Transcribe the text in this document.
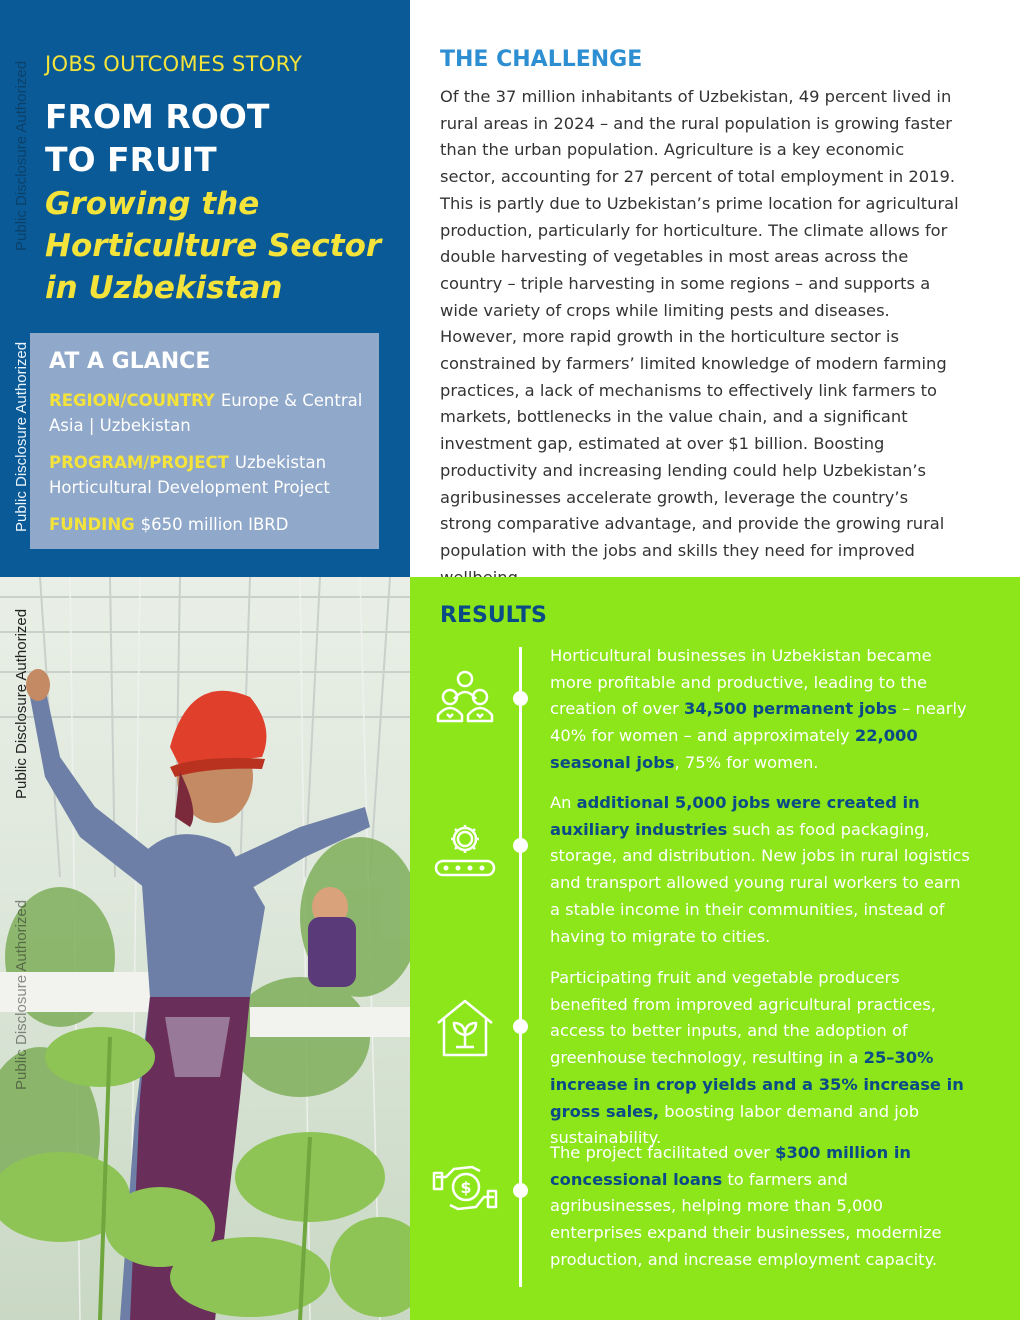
JOBS OUTCOMES STORY
FROM ROOT
TO FRUIT
Growing the
Horticulture Sector
in Uzbekistan
AT A GLANCE
REGION/COUNTRY Europe & Central Asia | Uzbekistan
PROGRAM/PROJECT Uzbekistan Horticultural Development Project
FUNDING $650 million IBRD
Public Disclosure Authorized
Public Disclosure Authorized
Public Disclosure Authorized
Public Disclosure Authorized
THE CHALLENGE
Of the 37 million inhabitants of Uzbekistan, 49 percent lived in rural areas in 2024 – and the rural population is growing faster than the urban population. Agriculture is a key economic sector, accounting for 27 percent of total employment in 2019. This is partly due to Uzbekistan’s prime location for agricultural production, particularly for horticulture. The climate allows for double harvesting of vegetables in most areas across the country – triple harvesting in some regions – and supports a wide variety of crops while limiting pests and diseases. However, more rapid growth in the horticulture sector is constrained by farmers’ limited knowledge of modern farming practices, a lack of mechanisms to effectively link farmers to markets, bottlenecks in the value chain, and a significant investment gap, estimated at over $1 billion. Boosting productivity and increasing lending could help Uzbekistan’s agribusinesses accelerate growth, leverage the country’s strong comparative advantage, and provide the growing rural population with the jobs and skills they need for improved
RESULTS
$
Horticultural businesses in Uzbekistan became more profitable and productive, leading to the creation of over 34,500 permanent jobs – nearly 40% for women – and approximately 22,000 seasonal jobs, 75% for women.
An additional 5,000 jobs were created in auxiliary industries such as food packaging, storage, and distribution. New jobs in rural logistics and transport allowed young rural workers to earn a stable income in their communities, instead of having to migrate to cities.
Participating fruit and vegetable producers benefited from improved agricultural practices, access to better inputs, and the adoption of greenhouse technology, resulting in a 25–30% increase in crop yields and a 35% increase in gross sales, boosting labor demand and job sustainability.
The project facilitated over $300 million in concessional loans to farmers and agribusinesses, helping more than 5,000 enterprises expand their businesses, modernize production, and increase employment capacity.
